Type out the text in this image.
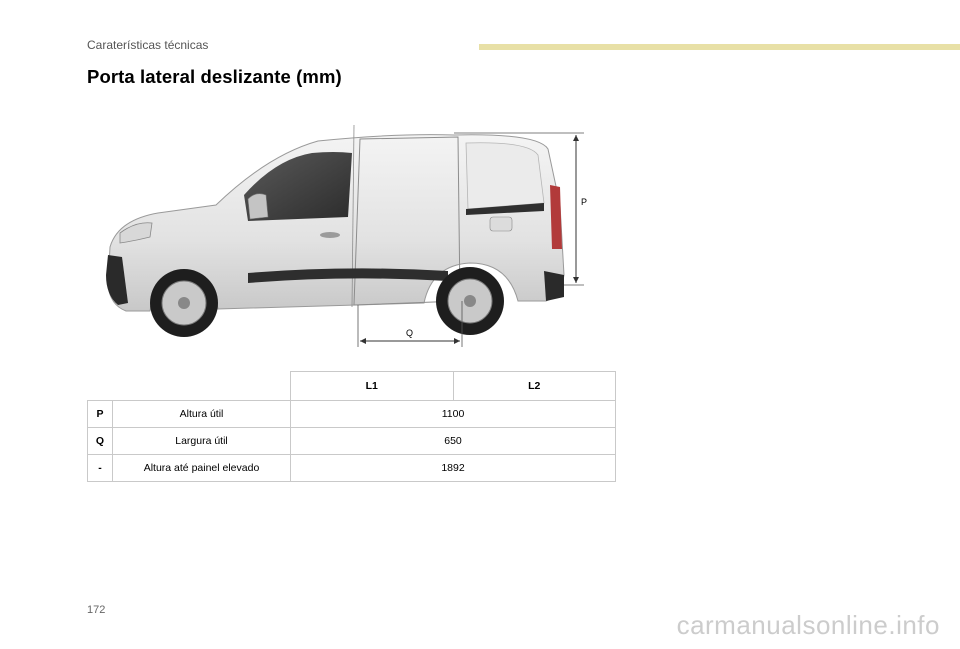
Caraterísticas técnicas
Porta lateral deslizante (mm)
P
Q
		L1	L2
P	Altura útil	1100	
Q	Largura útil	650	
-	Altura até painel elevado	1892	
172	carmanualsonline.info
